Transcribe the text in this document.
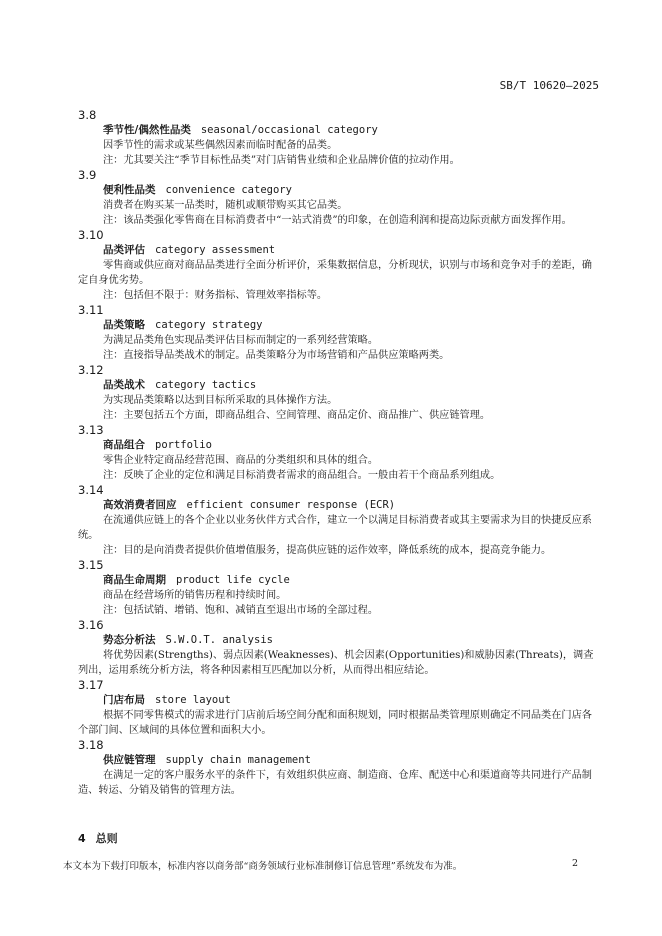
SB/T 10620—2025
3.8
季节性/偶然性品类 seasonal/occasional category
因季节性的需求或某些偶然因素而临时配备的品类。
注：尤其要关注“季节目标性品类”对门店销售业绩和企业品牌价值的拉动作用。
3.9
便利性品类 convenience category
消费者在购买某一品类时，随机或顺带购买其它品类。
注：该品类强化零售商在目标消费者中“一站式消费”的印象，在创造利润和提高边际贡献方面发挥作用。
3.10
品类评估 category assessment
零售商或供应商对商品品类进行全面分析评价，采集数据信息，分析现状，识别与市场和竞争对手的差距，确定自身优劣势。
注：包括但不限于：财务指标、管理效率指标等。
3.11
品类策略 category strategy
为满足品类角色实现品类评估目标而制定的一系列经营策略。
注：直接指导品类战术的制定。品类策略分为市场营销和产品供应策略两类。
3.12
品类战术 category tactics
为实现品类策略以达到目标所采取的具体操作方法。
注：主要包括五个方面，即商品组合、空间管理、商品定价、商品推广、供应链管理。
3.13
商品组合 portfolio
零售企业特定商品经营范围、商品的分类组织和具体的组合。
注：反映了企业的定位和满足目标消费者需求的商品组合。一般由若干个商品系列组成。
3.14
高效消费者回应 efficient consumer response (ECR)
在流通供应链上的各个企业以业务伙伴方式合作，建立一个以满足目标消费者或其主要需求为目的快捷反应系统。
注：目的是向消费者提供价值增值服务，提高供应链的运作效率，降低系统的成本，提高竞争能力。
3.15
商品生命周期 product life cycle
商品在经营场所的销售历程和持续时间。
注：包括试销、增销、饱和、减销直至退出市场的全部过程。
3.16
势态分析法 S.W.O.T. analysis
将优势因素(Strengths)、弱点因素(Weaknesses)、机会因素(Opportunities)和威胁因素(Threats)，调查列出，运用系统分析方法，将各种因素相互匹配加以分析，从而得出相应结论。
3.17
门店布局 store layout
根据不同零售模式的需求进行门店前后场空间分配和面积规划，同时根据品类管理原则确定不同品类在门店各个部门间、区域间的具体位置和面积大小。
3.18
供应链管理 supply chain management
在满足一定的客户服务水平的条件下，有效组织供应商、制造商、仓库、配送中心和渠道商等共同进行产品制造、转运、分销及销售的管理方法。
4 总则
本文本为下载打印版本，标准内容以商务部“商务领域行业标准制修订信息管理”系统发布为准。	2
